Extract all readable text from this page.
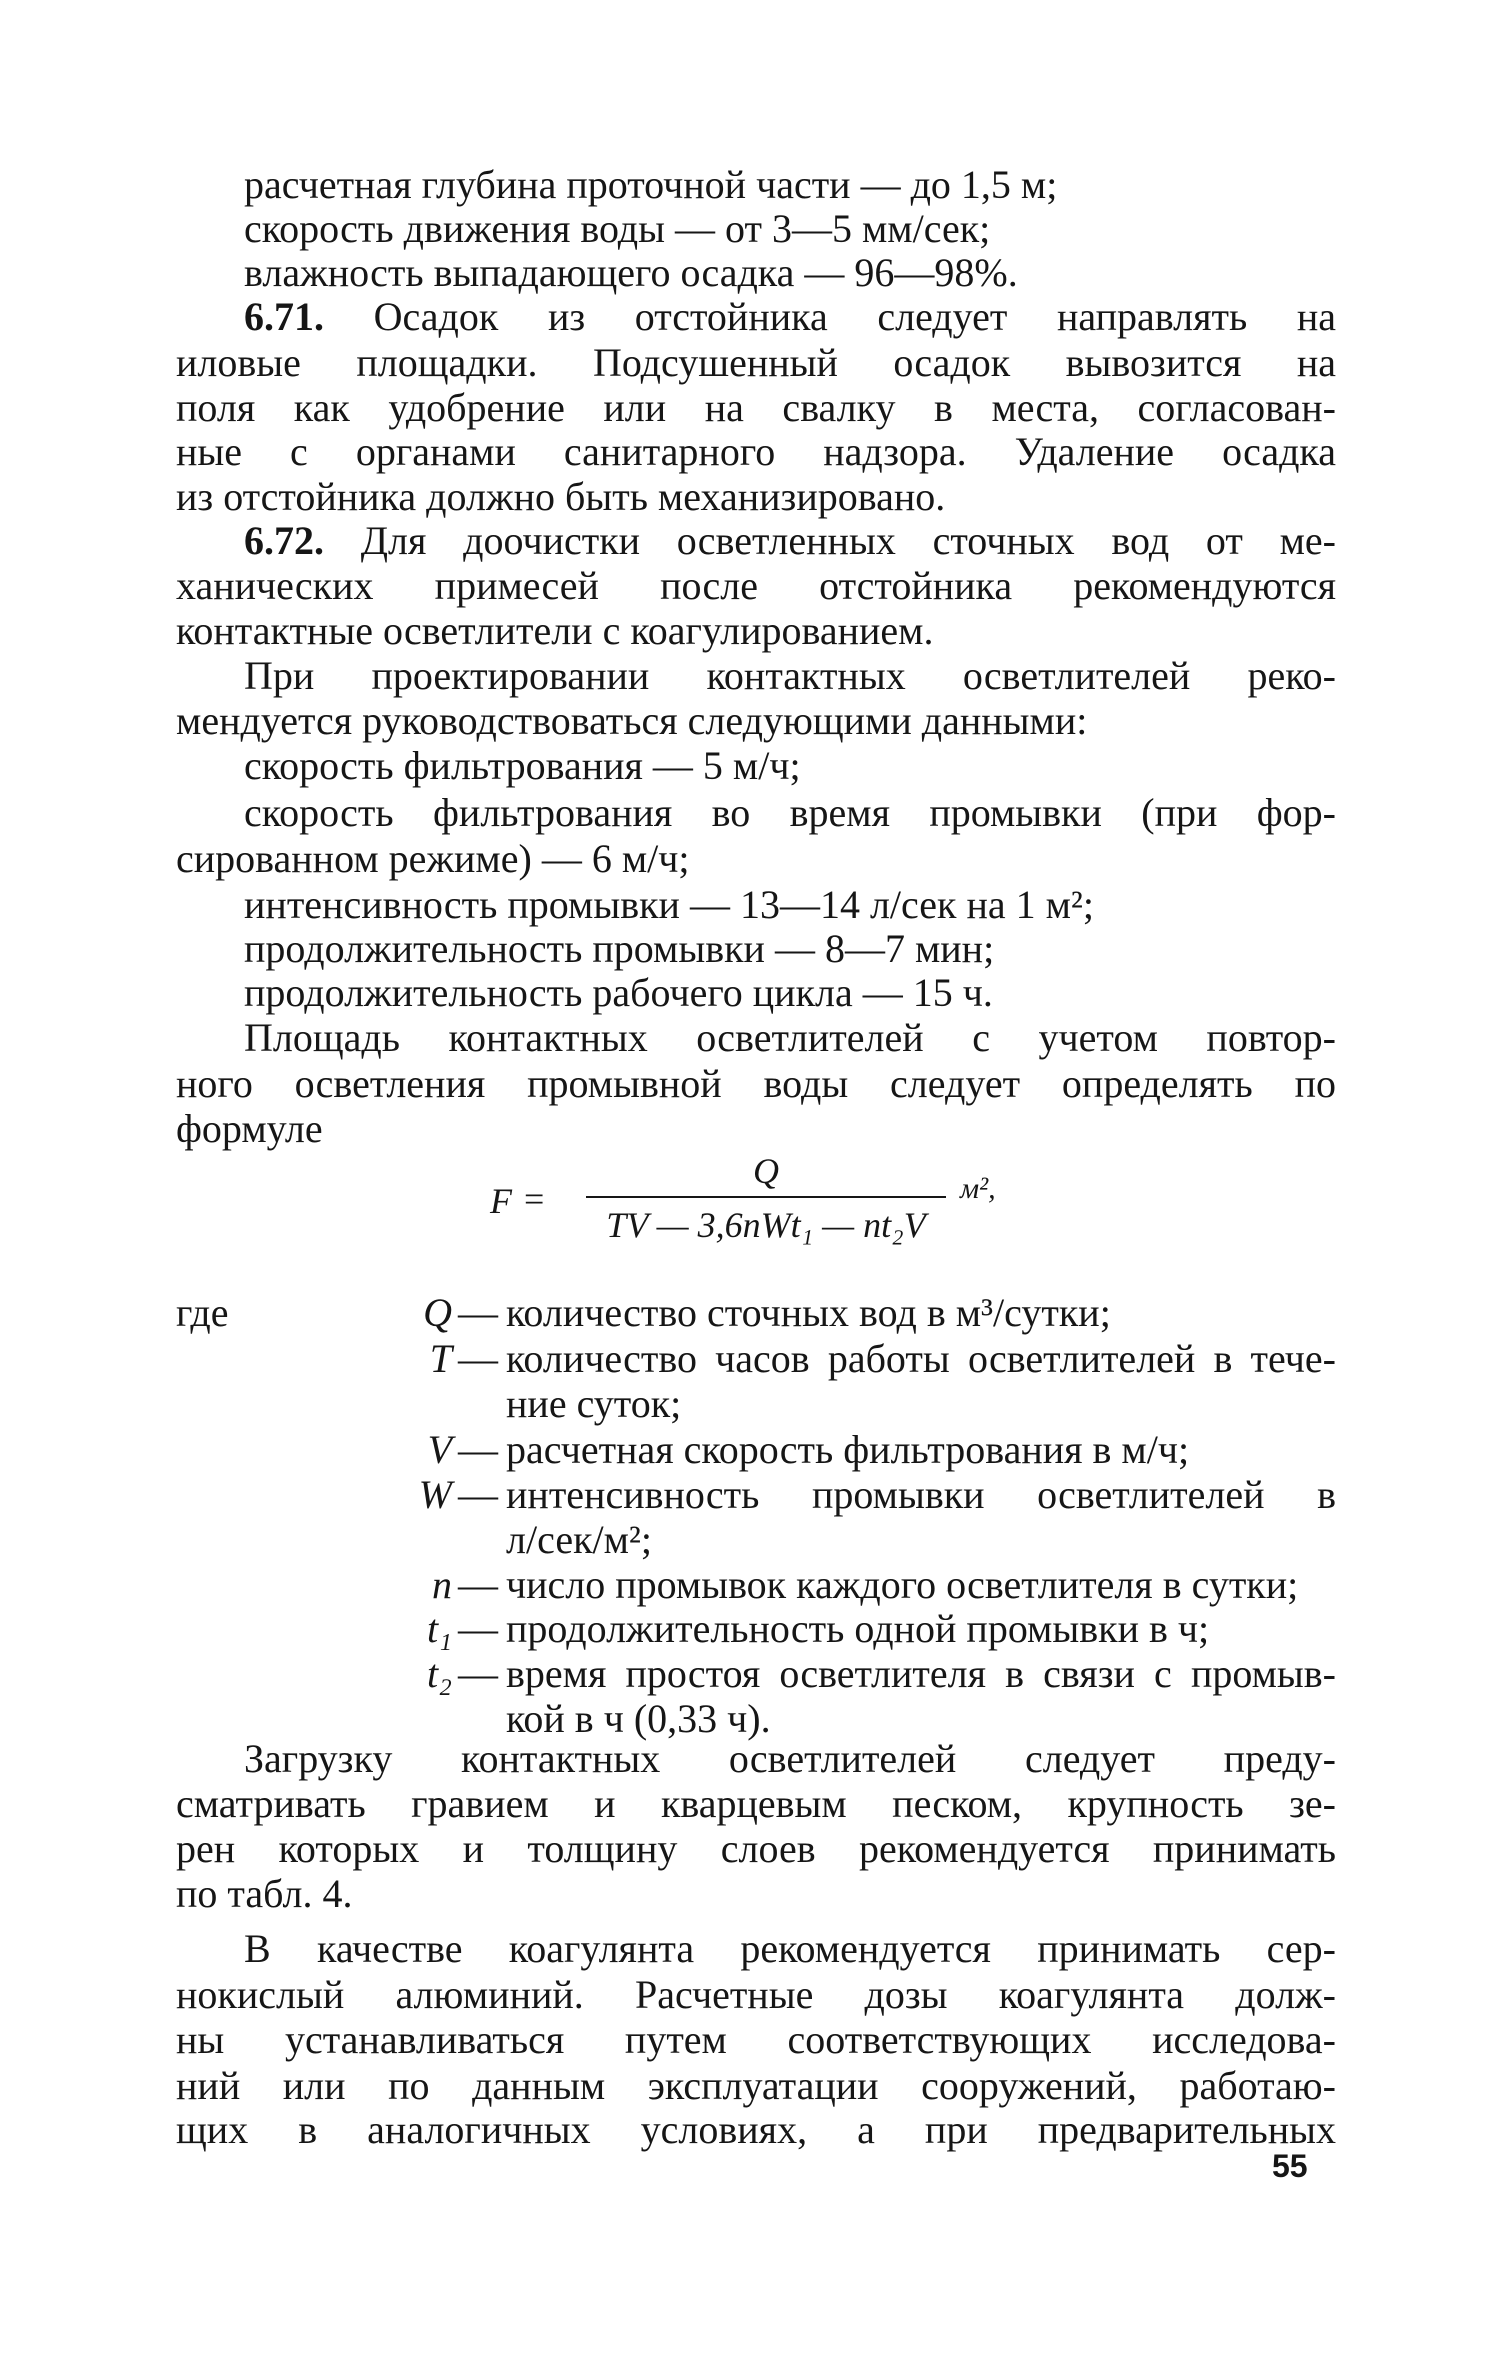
расчетная глубина проточной части — до 1,5 м;
скорость движения воды — от 3—5 мм/сек;
влажность выпадающего осадка — 96—98%.
6.71. Осадок из отстойника следует направлять на
иловые площадки. Подсушенный осадок вывозится на
поля как удобрение или на свалку в места, согласован-
ные с органами санитарного надзора. Удаление осадка
из отстойника должно быть механизировано.
6.72. Для доочистки осветленных сточных вод от ме-
ханических примесей после отстойника рекомендуются
контактные осветлители с коагулированием.
При проектировании контактных осветлителей реко-
мендуется руководствоваться следующими данными:
скорость фильтрования — 5 м/ч;
скорость фильтрования во время промывки (при фор-
сированном режиме) — 6 м/ч;
интенсивность промывки — 13—14 л/сек на 1 м²;
продолжительность промывки — 8—7 мин;
продолжительность рабочего цикла — 15 ч.
Площадь контактных осветлителей с учетом повтор-
ного осветления промывной воды следует определять по
формуле
где	Q — количество сточных вод в м³/сутки;
T — количество часов работы осветлителей в тече-
ние суток;
V — расчетная скорость фильтрования в м/ч;
W — интенсивность промывки осветлителей в
л/сек/м²;
n — число промывок каждого осветлителя в сутки;
t₁ — продолжительность одной промывки в ч;
t₂ — время простоя осветлителя в связи с промыв-
кой в ч (0,33 ч).
Загрузку контактных осветлителей следует преду-
сматривать гравием и кварцевым песком, крупность зе-
рен которых и толщину слоев рекомендуется принимать
по табл. 4.
В качестве коагулянта рекомендуется принимать сер-
нокислый алюминий. Расчетные дозы коагулянта долж-
ны устанавливаться путем соответствующих исследова-
ний или по данным эксплуатации сооружений, работаю-
щих в аналогичных условиях, а при предварительных
F =
Q
TV — 3,6nWt₁ — nt₂V
м²,
55
